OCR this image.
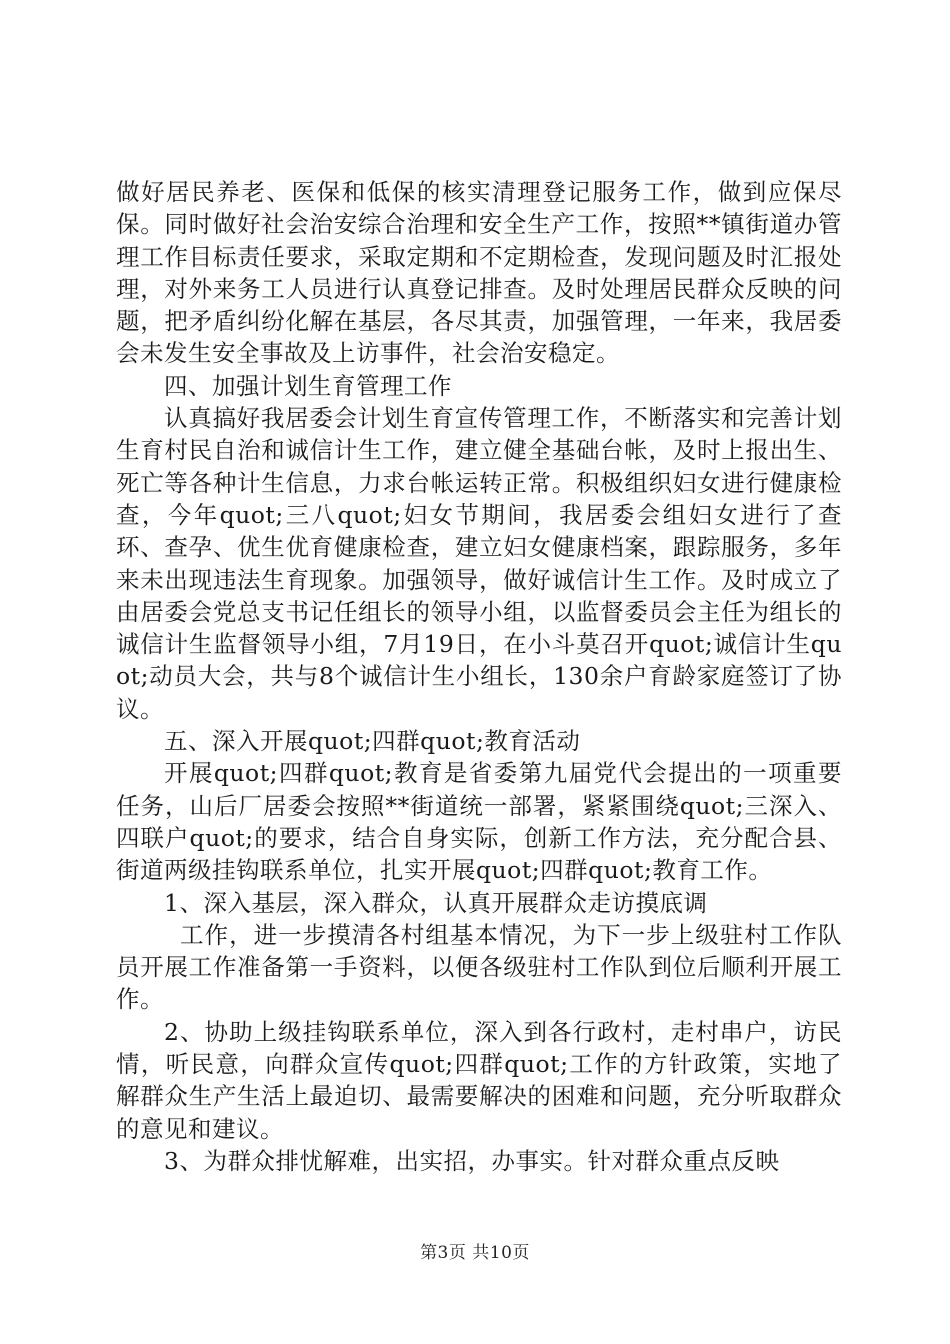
做好居民养老、医保和低保的核实清理登记服务工作，做到应保尽保。同时做好社会治安综合治理和安全生产工作，按照**镇街道办管理工作目标责任要求，采取定期和不定期检查，发现问题及时汇报处理，对外来务工人员进行认真登记排查。及时处理居民群众反映的问题，把矛盾纠纷化解在基层，各尽其责，加强管理，一年来，我居委会未发生安全事故及上访事件，社会治安稳定。

四、加强计划生育管理工作

认真搞好我居委会计划生育宣传管理工作，不断落实和完善计划生育村民自治和诚信计生工作，建立健全基础台帐，及时上报出生、死亡等各种计生信息，力求台帐运转正常。积极组织妇女进行健康检查，今年quot;三八quot;妇女节期间，我居委会组妇女进行了查环、查孕、优生优育健康检查，建立妇女健康档案，跟踪服务，多年来未出现违法生育现象。加强领导，做好诚信计生工作。及时成立了由居委会党总支书记任组长的领导小组，以监督委员会主任为组长的诚信计生监督领导小组，7月19日，在小斗莫召开quot;诚信计生quot;动员大会，共与8个诚信计生小组长，130余户育龄家庭签订了协议。

五、深入开展quot;四群quot;教育活动

开展quot;四群quot;教育是省委第九届党代会提出的一项重要任务，山后厂居委会按照**街道统一部署，紧紧围绕quot;三深入、四联户quot;的要求，结合自身实际，创新工作方法，充分配合县、街道两级挂钩联系单位，扎实开展quot;四群quot;教育工作。

1、深入基层，深入群众，认真开展群众走访摸底调

工作，进一步摸清各村组基本情况，为下一步上级驻村工作队员开展工作准备第一手资料，以便各级驻村工作队到位后顺利开展工作。

2、协助上级挂钩联系单位，深入到各行政村，走村串户，访民情，听民意，向群众宣传quot;四群quot;工作的方针政策，实地了解群众生产生活上最迫切、最需要解决的困难和问题，充分听取群众的意见和建议。

3、为群众排忧解难，出实招，办事实。针对群众重点反映

第3页 共10页
